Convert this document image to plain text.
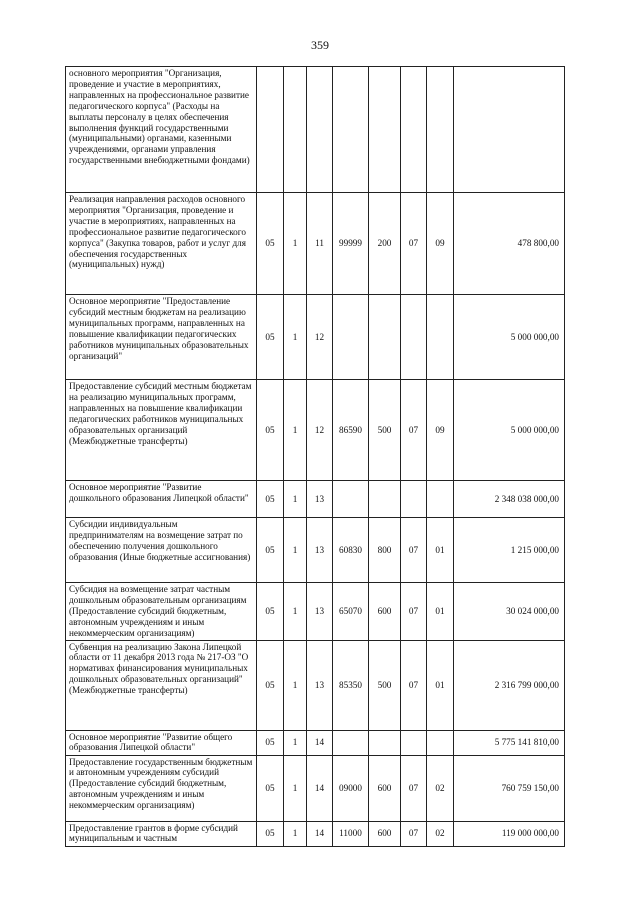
359
основного мероприятия "Организация, проведение и участие в мероприятиях, направленных на профессиональное развитие педагогического корпуса" (Расходы на выплаты персоналу в целях обеспечения выполнения функций государственными (муниципальными) органами, казенными учреждениями, органами управления государственными внебюджетными фондами)								
Реализация направления расходов основного мероприятия "Организация, проведение и участие в мероприятиях, направленных на профессиональное развитие педагогического корпуса" (Закупка товаров, работ и услуг для обеспечения государственных (муниципальных) нужд)	05	1	11	99999	200	07	09	478 800,00
Основное мероприятие "Предоставление субсидий местным бюджетам на реализацию муниципальных программ, направленных на повышение квалификации педагогических работников муниципальных образовательных организаций"	05	1	12					5 000 000,00
Предоставление субсидий местным бюджетам на реализацию муниципальных программ, направленных на повышение квалификации педагогических работников муниципальных образовательных организаций (Межбюджетные трансферты)	05	1	12	86590	500	07	09	5 000 000,00
Основное мероприятие "Развитие дошкольного образования Липецкой области"	05	1	13					2 348 038 000,00
Субсидии индивидуальным предпринимателям на возмещение затрат по обеспечению получения дошкольного образования (Иные бюджетные ассигнования)	05	1	13	60830	800	07	01	1 215 000,00
Субсидия на возмещение затрат частным дошкольным образовательным организациям (Предоставление субсидий бюджетным, автономным учреждениям и иным некоммерческим организациям)	05	1	13	65070	600	07	01	30 024 000,00
Субвенция на реализацию Закона Липецкой области от 11 декабря 2013 года № 217-ОЗ "О нормативах финансирования муниципальных дошкольных образовательных организаций" (Межбюджетные трансферты)	05	1	13	85350	500	07	01	2 316 799 000,00
Основное мероприятие "Развитие общего образования Липецкой области"	05	1	14					5 775 141 810,00
Предоставление государственным бюджетным и автономным учреждениям субсидий (Предоставление субсидий бюджетным, автономным учреждениям и иным некоммерческим организациям)	05	1	14	09000	600	07	02	760 759 150,00
Предоставление грантов в форме субсидий муниципальным и частным	05	1	14	11000	600	07	02	119 000 000,00
